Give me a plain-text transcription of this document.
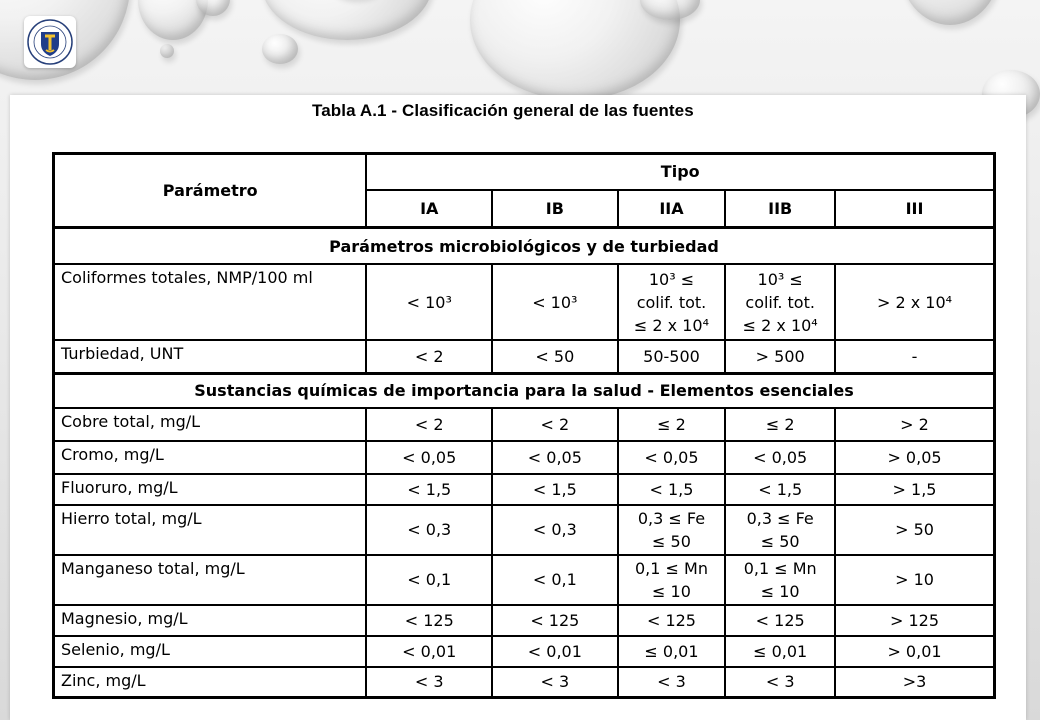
Tabla A.1 - Clasificación general de las fuentes
Parámetro	Tipo				
	IA	IB	IIA	IIB	III
Parámetros microbiológicos y de turbiedad					
Coliformes totales, NMP/100 ml	< 10³	< 10³	10³ ≤
colif. tot.
≤ 2 x 10⁴	10³ ≤
colif. tot.
≤ 2 x 10⁴	> 2 x 10⁴

Turbiedad, UNT	< 2	< 50	50-500	> 500	-

Sustancias químicas de importancia para la salud - Elementos esenciales					
Cobre total, mg/L	< 2	< 2	≤ 2	≤ 2	> 2

Cromo, mg/L	< 0,05	< 0,05	< 0,05	< 0,05	> 0,05

Fluoruro, mg/L	< 1,5	< 1,5	< 1,5	< 1,5	> 1,5

Hierro total, mg/L	< 0,3	< 0,3	0,3 ≤ Fe
≤ 50	0,3 ≤ Fe
≤ 50	> 50

Manganeso total, mg/L	< 0,1	< 0,1	0,1 ≤ Mn
≤ 10	0,1 ≤ Mn
≤ 10	> 10

Magnesio, mg/L	< 125	< 125	< 125	< 125	> 125

Selenio, mg/L	< 0,01	< 0,01	≤ 0,01	≤ 0,01	> 0,01

Zinc, mg/L	< 3	< 3	< 3	< 3	>3
